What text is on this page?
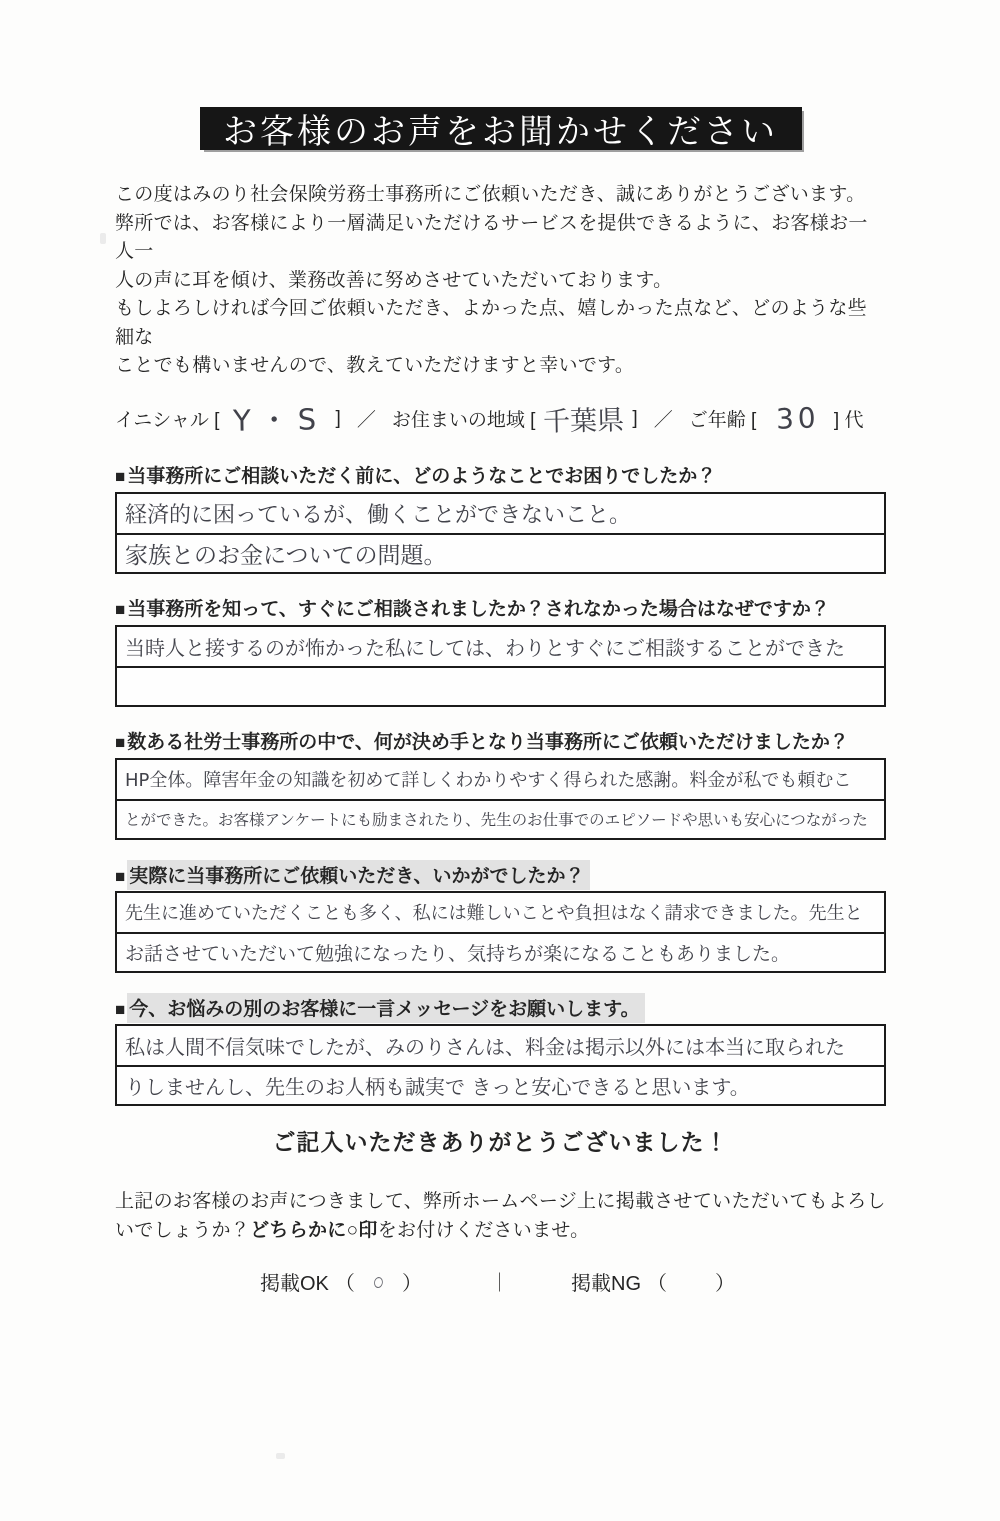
お客様のお声をお聞かせください

この度はみのり社会保険労務士事務所にご依頼いただき、誠にありがとうございます。
弊所では、お客様により一層満足いただけるサービスを提供できるように、お客様お一人一
人の声に耳を傾け、業務改善に努めさせていただいております。
もしよろしければ今回ご依頼いただき、よかった点、嬉しかった点など、どのような些細な
ことでも構いませんので、教えていただけますと幸いです。

イニシャル [ Y・S ] ／ お住まいの地域 [ 千葉県 ] ／ ご年齢 [ 30 ] 代
■ 当事務所にご相談いただく前に、どのようなことでお困りでしたか？
経済的に困っているが、働くことができないこと。
家族とのお金についての問題。
■ 当事務所を知って、すぐにご相談されましたか？されなかった場合はなぜですか？
当時人と接するのが怖かった私にしては、わりとすぐにご相談することができた
■ 数ある社労士事務所の中で、何が決め手となり当事務所にご依頼いただけましたか？
HP全体。障害年金の知識を初めて詳しくわかりやすく得られた感謝。料金が私でも頼むこ
とができた。お客様アンケートにも励まされたり、先生のお仕事でのエピソードや思いも安心につながった
■ 実際に当事務所にご依頼いただき、いかがでしたか？
先生に進めていただくことも多く、私には難しいことや負担はなく請求できました。先生と
お話させていただいて勉強になったり、気持ちが楽になることもありました。
■ 今、お悩みの別のお客様に一言メッセージをお願いします。
私は人間不信気味でしたが、みのりさんは、料金は掲示以外には本当に取られた
りしませんし、先生のお人柄も誠実で きっと安心できると思います。
ご記入いただきありがとうございました！

上記のお客様のお声につきまして、弊所ホームページ上に掲載させていただいてもよろしいでしょうか？どちらかに○印をお付けくださいませ。

掲載OK （ ○ ）	｜	掲載NG （ ）
